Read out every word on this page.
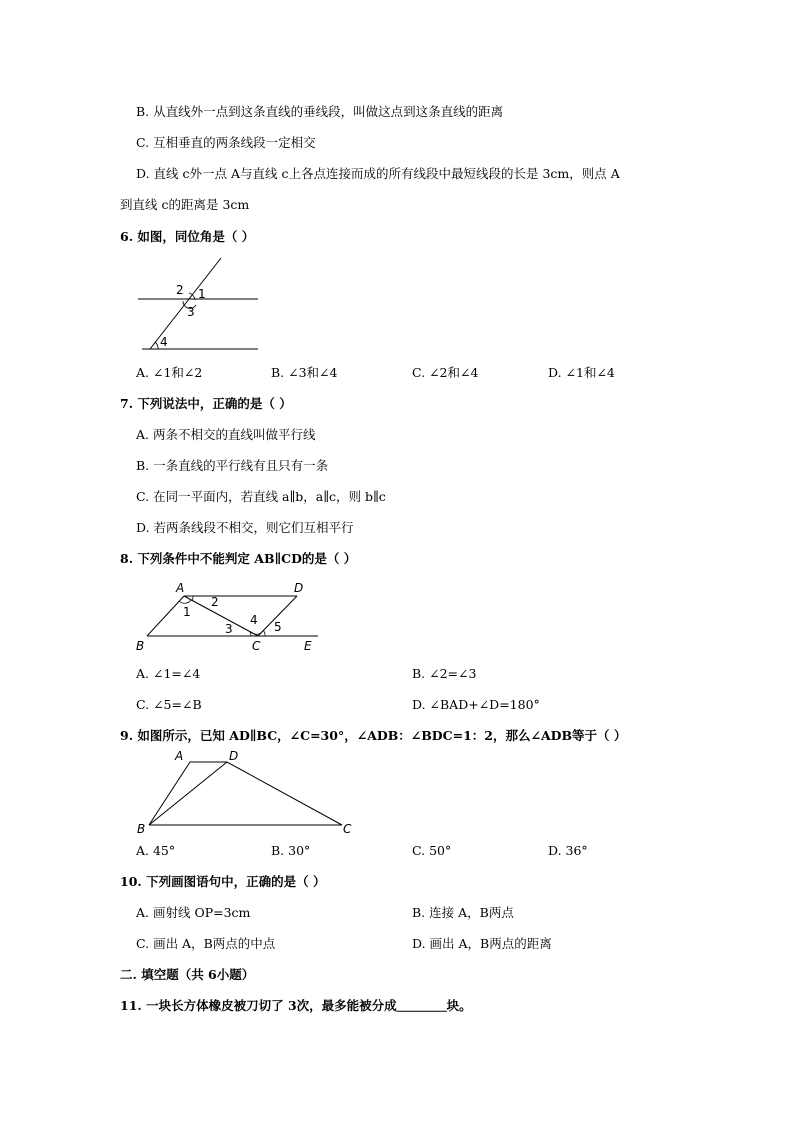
B. 从直线外一点到这条直线的垂线段，叫做这点到这条直线的距离
C. 互相垂直的两条线段一定相交
D. 直线 c外一点 A与直线 c上各点连接而成的所有线段中最短线段的长是 3cm，则点 A
到直线 c的距离是 3cm
6. 如图，同位角是（ ）
2 1
3
4
A. ∠1和∠2	B. ∠3和∠4	C. ∠2和∠4	D. ∠1和∠4
7. 下列说法中，正确的是（ ）
A. 两条不相交的直线叫做平行线
B. 一条直线的平行线有且只有一条
C. 在同一平面内，若直线 a∥b，a∥c，则 b∥c
D. 若两条线段不相交，则它们互相平行
8. 下列条件中不能判定 AB∥CD的是（ ）
A	D
B	C	E
1
2
3
4 5
A. ∠1=∠4	B. ∠2=∠3
C. ∠5=∠B	D. ∠BAD+∠D=180°
9. 如图所示，已知 AD∥BC，∠C=30°，∠ADB：∠BDC=1：2，那么∠ADB等于（ ）
A	D
B	C
A. 45°	B. 30°	C. 50°	D. 36°
10. 下列画图语句中，正确的是（ ）
A. 画射线 OP=3cm	B. 连接 A，B两点
C. 画出 A，B两点的中点	D. 画出 A，B两点的距离
二. 填空题（共 6小题）
11. 一块长方体橡皮被刀切了 3次，最多能被分成＿＿＿＿块。
